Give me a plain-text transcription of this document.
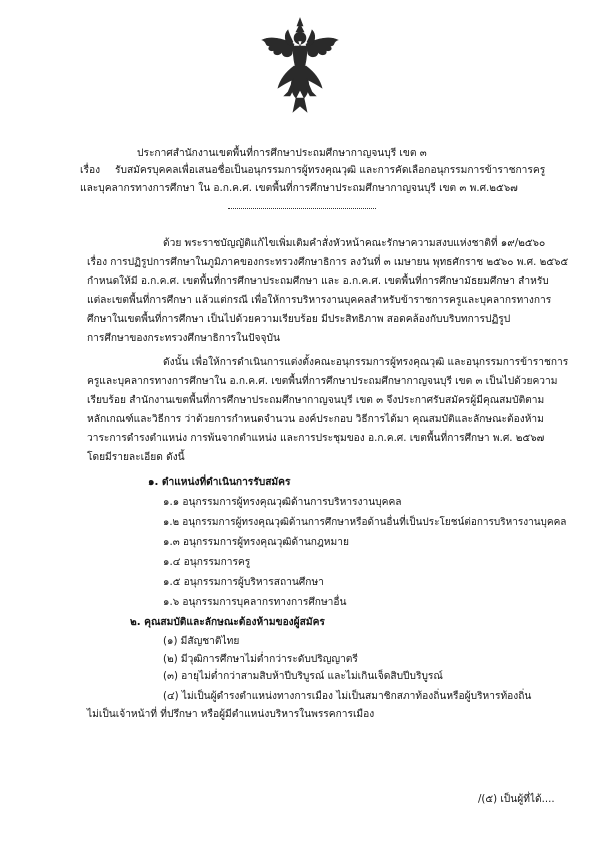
ประกาศสำนักงานเขตพื้นที่การศึกษาประถมศึกษากาญจนบุรี เขต ๓
เรื่อง รับสมัครบุคคลเพื่อเสนอชื่อเป็นอนุกรรมการผู้ทรงคุณวุฒิ และการคัดเลือกอนุกรรมการข้าราชการครู
และบุคลากรทางการศึกษา ใน อ.ก.ค.ศ. เขตพื้นที่การศึกษาประถมศึกษากาญจนบุรี เขต ๓ พ.ศ.๒๕๖๗
ด้วย พระราชบัญญัติแก้ไขเพิ่มเติมคำสั่งหัวหน้าคณะรักษาความสงบแห่งชาติที่ ๑๙/๒๕๖๐
เรื่อง การปฏิรูปการศึกษาในภูมิภาคของกระทรวงศึกษาธิการ ลงวันที่ ๓ เมษายน พุทธศักราช ๒๕๖๐ พ.ศ. ๒๕๖๕
กำหนดให้มี อ.ก.ค.ศ. เขตพื้นที่การศึกษาประถมศึกษา และ อ.ก.ค.ศ. เขตพื้นที่การศึกษามัธยมศึกษา สำหรับ
แต่ละเขตพื้นที่การศึกษา แล้วแต่กรณี เพื่อให้การบริหารงานบุคคลสำหรับข้าราชการครูและบุคลากรทางการ
ศึกษาในเขตพื้นที่การศึกษา เป็นไปด้วยความเรียบร้อย มีประสิทธิภาพ สอดคล้องกับบริบทการปฏิรูป
การศึกษาของกระทรวงศึกษาธิการในปัจจุบัน
ดังนั้น เพื่อให้การดำเนินการแต่งตั้งคณะอนุกรรมการผู้ทรงคุณวุฒิ และอนุกรรมการข้าราชการ
ครูและบุคลากรทางการศึกษาใน อ.ก.ค.ศ. เขตพื้นที่การศึกษาประถมศึกษากาญจนบุรี เขต ๓ เป็นไปด้วยความ
เรียบร้อย สำนักงานเขตพื้นที่การศึกษาประถมศึกษากาญจนบุรี เขต ๓ จึงประกาศรับสมัครผู้มีคุณสมบัติตาม
หลักเกณฑ์และวิธีการ ว่าด้วยการกำหนดจำนวน องค์ประกอบ วิธีการได้มา คุณสมบัติและลักษณะต้องห้าม
วาระการดำรงตำแหน่ง การพ้นจากตำแหน่ง และการประชุมของ อ.ก.ค.ศ. เขตพื้นที่การศึกษา พ.ศ. ๒๕๖๗
โดยมีรายละเอียด ดังนี้
๑. ตำแหน่งที่ดำเนินการรับสมัคร
๑.๑ อนุกรรมการผู้ทรงคุณวุฒิด้านการบริหารงานบุคคล
๑.๒ อนุกรรมการผู้ทรงคุณวุฒิด้านการศึกษาหรือด้านอื่นที่เป็นประโยชน์ต่อการบริหารงานบุคคล
๑.๓ อนุกรรมการผู้ทรงคุณวุฒิด้านกฎหมาย
๑.๔ อนุกรรมการครู
๑.๕ อนุกรรมการผู้บริหารสถานศึกษา
๑.๖ อนุกรรมการบุคลากรทางการศึกษาอื่น
๒. คุณสมบัติและลักษณะต้องห้ามของผู้สมัคร
(๑) มีสัญชาติไทย
(๒) มีวุฒิการศึกษาไม่ต่ำกว่าระดับปริญญาตรี
(๓) อายุไม่ต่ำกว่าสามสิบห้าปีบริบูรณ์ และไม่เกินเจ็ดสิบปีบริบูรณ์
(๔) ไม่เป็นผู้ดำรงตำแหน่งทางการเมือง ไม่เป็นสมาชิกสภาท้องถิ่นหรือผู้บริหารท้องถิ่น
ไม่เป็นเจ้าหน้าที่ ที่ปรึกษา หรือผู้มีตำแหน่งบริหารในพรรคการเมือง
/(๕) เป็นผู้ที่ได้....
